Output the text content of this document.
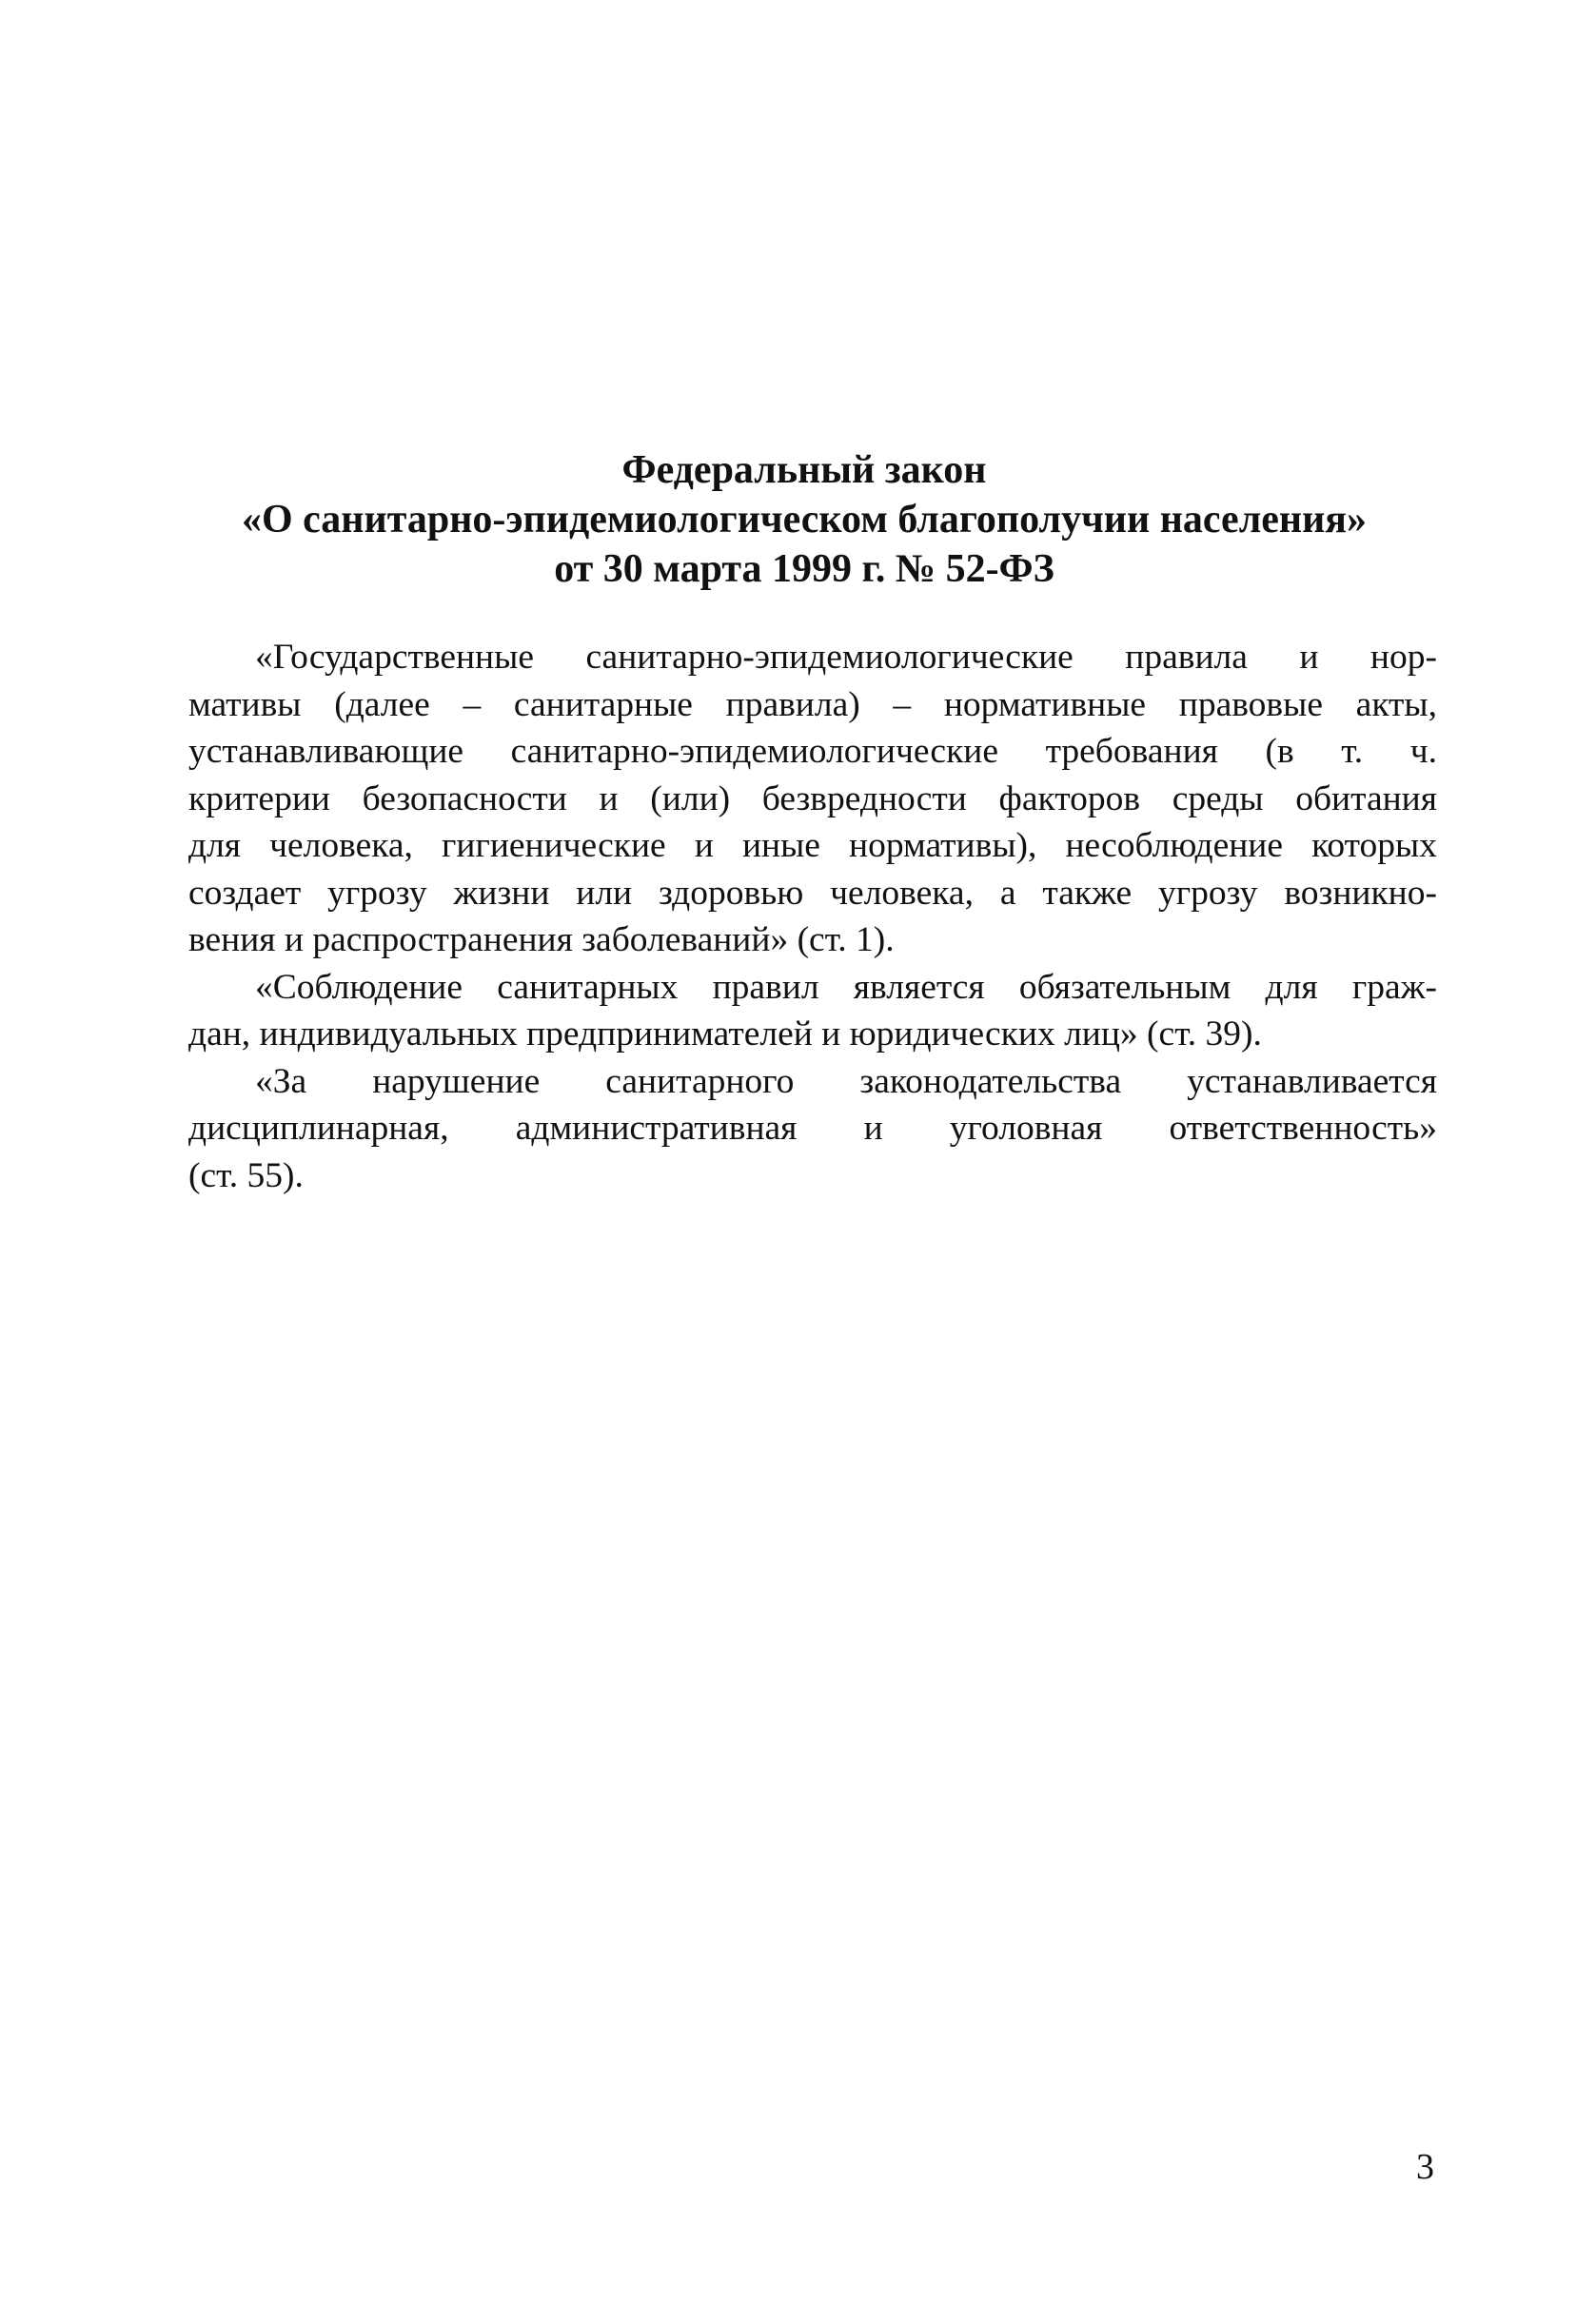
Федеральный закон
«О санитарно-эпидемиологическом благополучии населения»
от 30 марта 1999 г. № 52-ФЗ
«Государственные санитарно-эпидемиологические правила и нор-
мативы (далее – санитарные правила) – нормативные правовые акты,
устанавливающие санитарно-эпидемиологические требования (в т. ч.
критерии безопасности и (или) безвредности факторов среды обитания
для человека, гигиенические и иные нормативы), несоблюдение которых
создает угрозу жизни или здоровью человека, а также угрозу возникно-
вения и распространения заболеваний» (ст. 1).
«Соблюдение санитарных правил является обязательным для граж-
дан, индивидуальных предпринимателей и юридических лиц» (ст. 39).
«За нарушение санитарного законодательства устанавливается
дисциплинарная, административная и уголовная ответственность»
(ст. 55).
3
